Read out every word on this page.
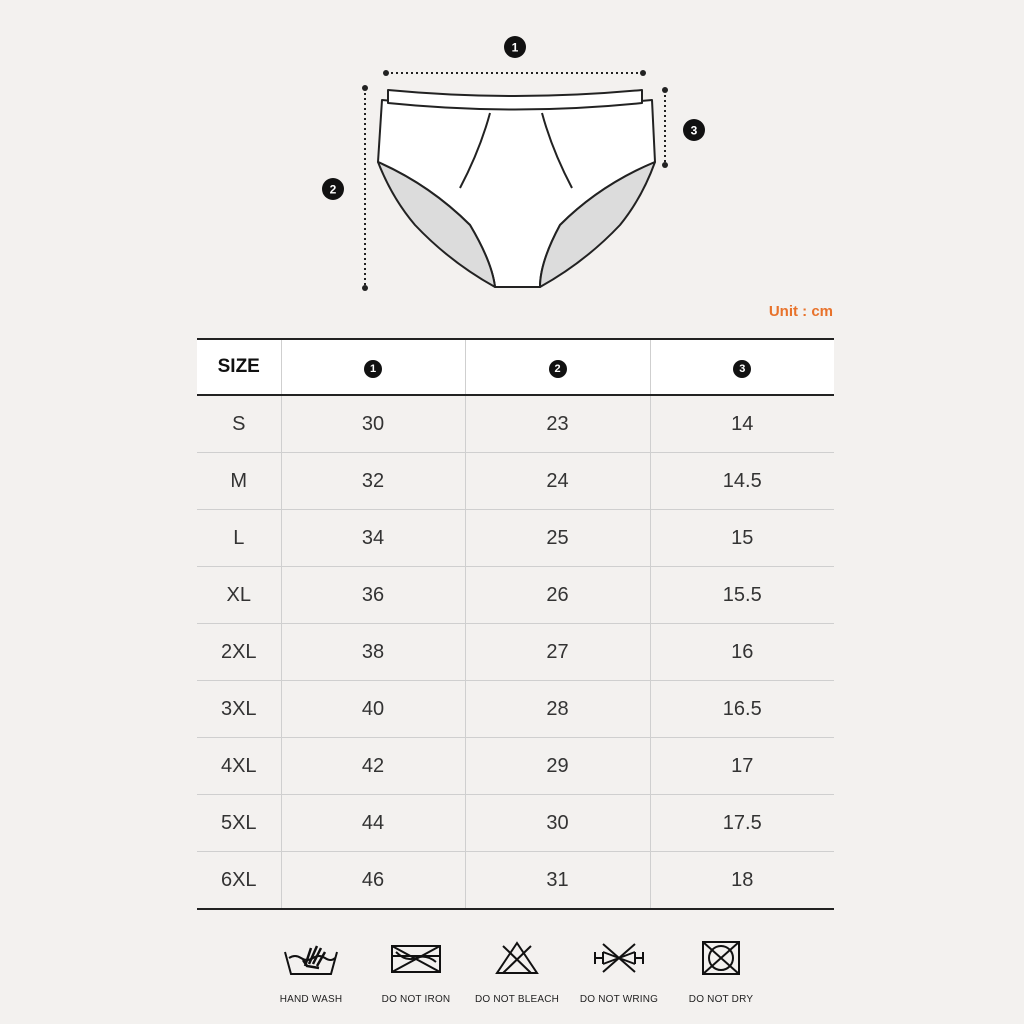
1
2
3
Unit : cm
SIZE	1	2	3
S	30	23	14
M	32	24	14.5
L	34	25	15
XL	36	26	15.5
2XL	38	27	16
3XL	40	28	16.5
4XL	42	29	17
5XL	44	30	17.5
6XL	46	31	18
HAND WASH	DO NOT IRON	DO NOT BLEACH	DO NOT WRING	DO NOT DRY
